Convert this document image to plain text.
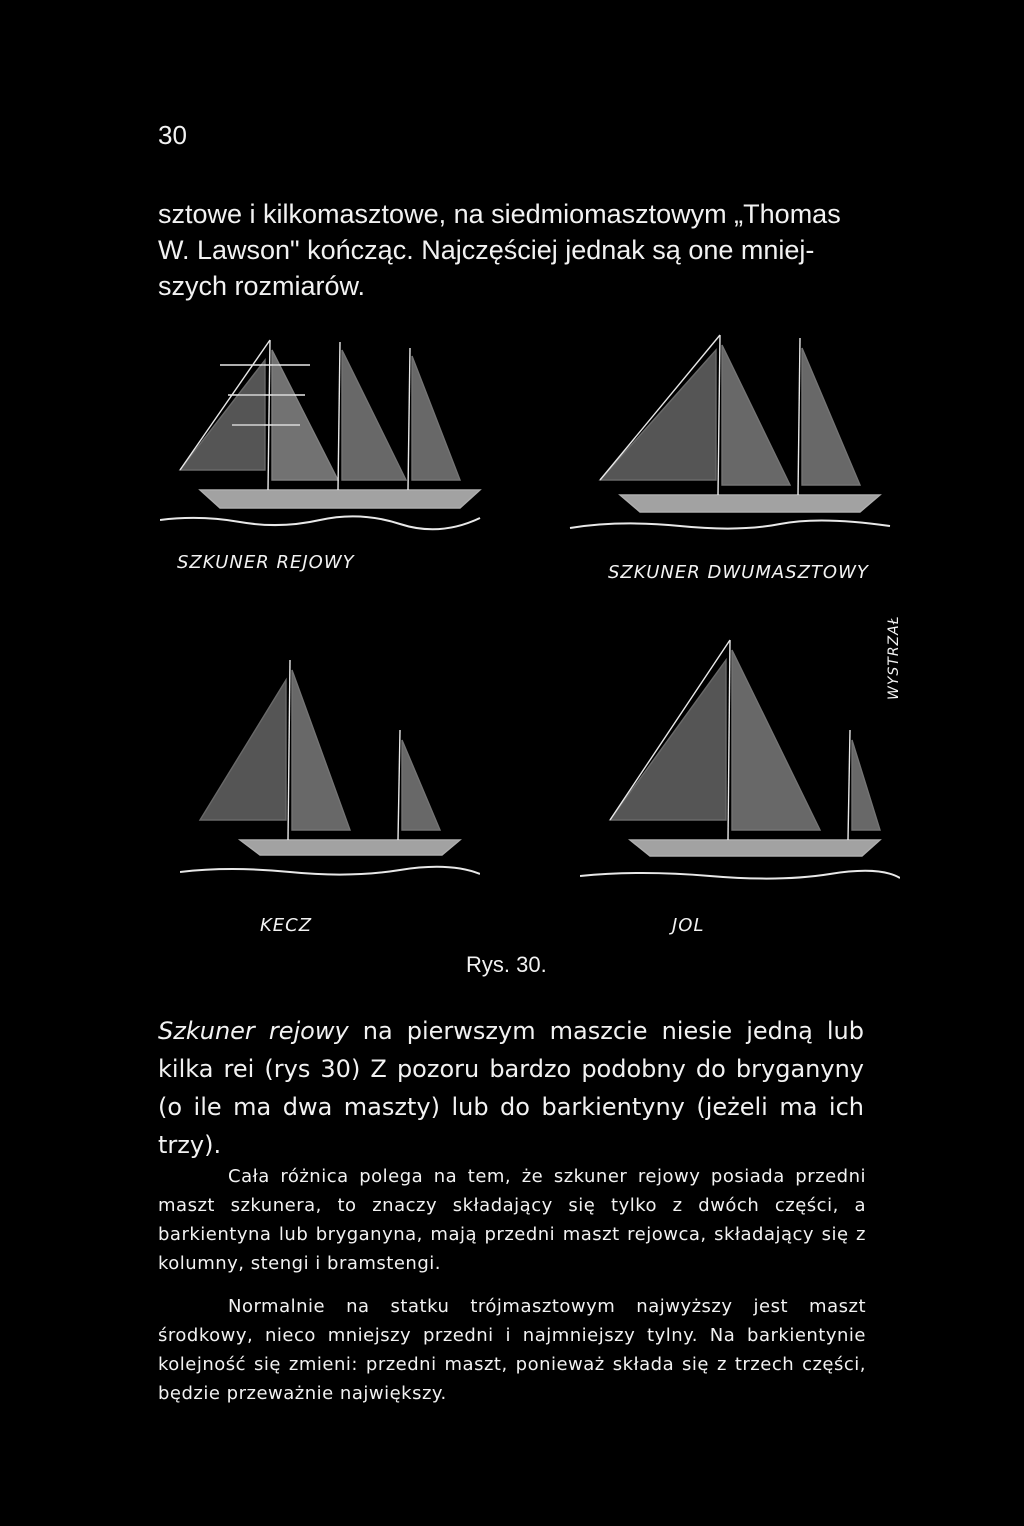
30

sztowe i kilkomasztowe, na siedmiomasztowym „Thomas

W. Lawson" kończąc. Najczęściej jednak są one mniej-

szych rozmiarów.

SZKUNER REJOWY	SZKUNER DWUMASZTOWY
KECZ	JOL
WYSTRZAŁ
Rys. 30.

Szkuner rejowy na pierwszym maszcie niesie jedną lub kilka rei (rys 30) Z pozoru bardzo podobny do bryganyny (o ile ma dwa maszty) lub do barkientyny (jeżeli ma ich trzy).

Cała różnica polega na tem, że szkuner rejowy posiada przedni maszt szkunera, to znaczy składający się tylko z dwóch części, a barkientyna lub bryganyna, mają przedni maszt rejowca, składający się z kolumny, stengi i bramstengi.

Normalnie na statku trójmasztowym najwyższy jest maszt środkowy, nieco mniejszy przedni i najmniejszy tylny. Na barkientynie kolejność się zmieni: przedni maszt, ponieważ składa się z trzech części, będzie przeważnie największy.
